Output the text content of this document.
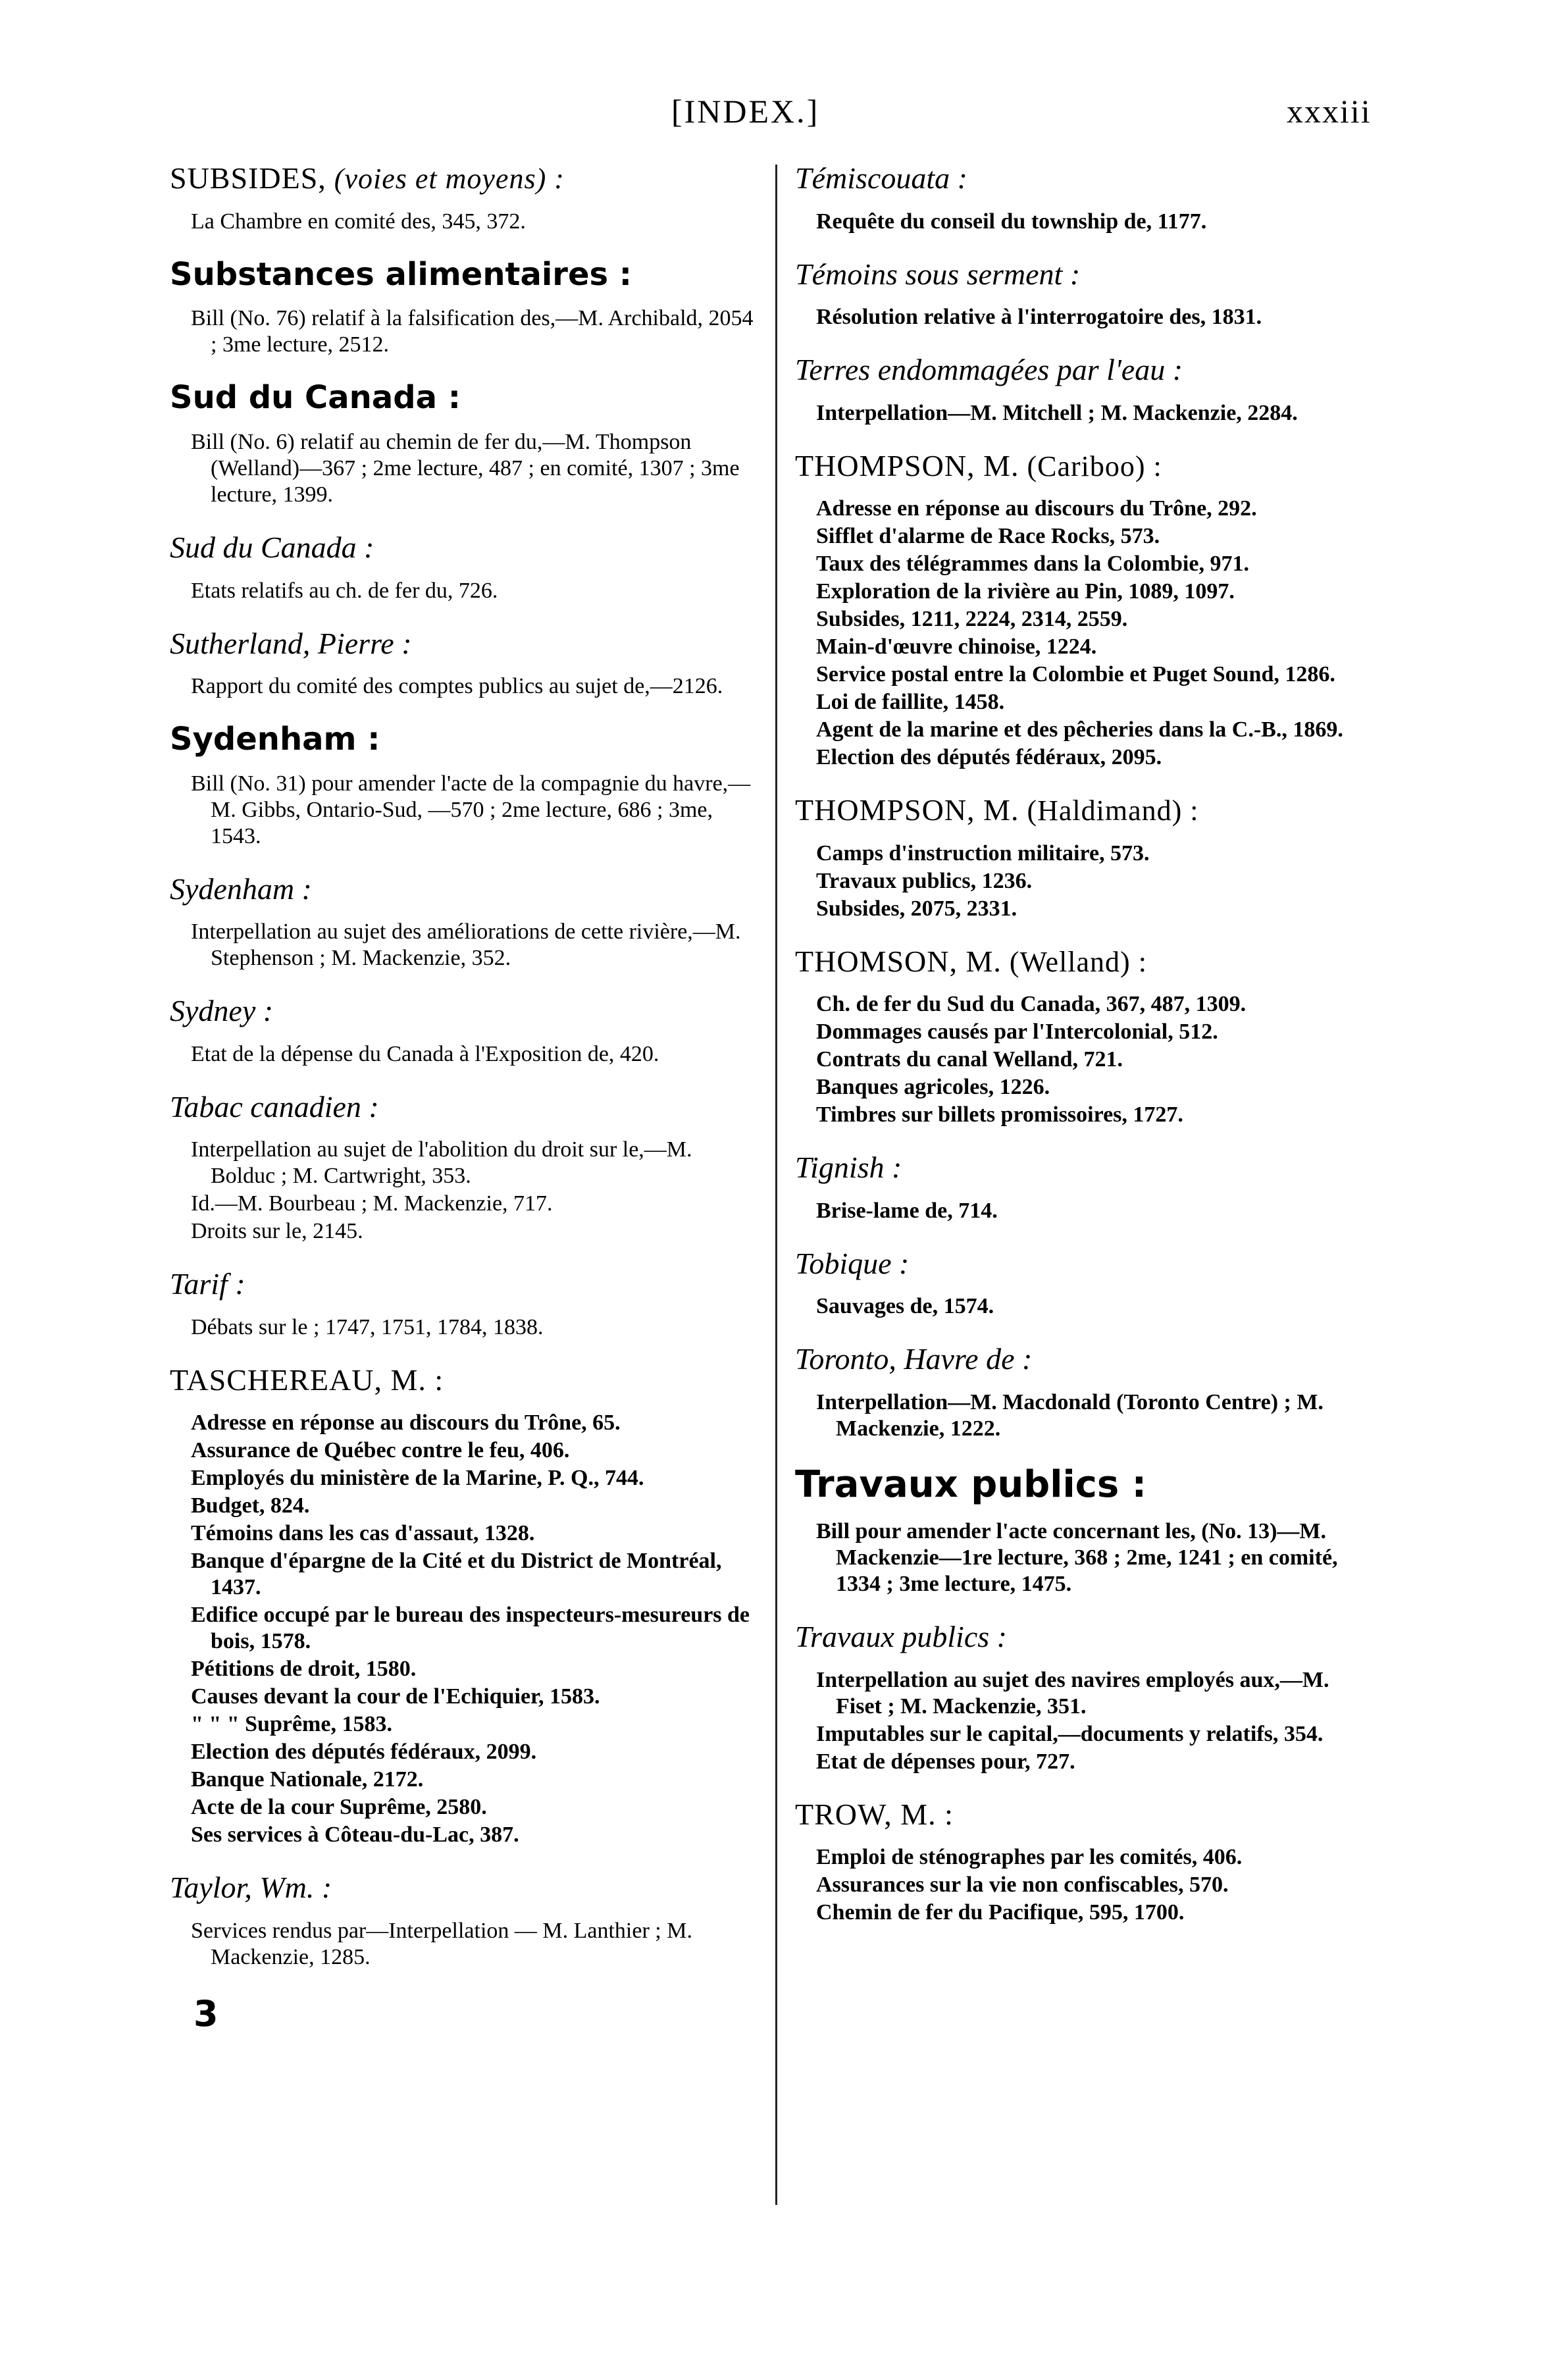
[INDEX.]	xxxiii
SUBSIDES, (voies et moyens) :
La Chambre en comité des, 345, 372.
Substances alimentaires :
Bill (No. 76) relatif à la falsification des,—M. Archibald, 2054 ; 3me lecture, 2512.
Sud du Canada :
Bill (No. 6) relatif au chemin de fer du,—M. Thompson (Welland)—367 ; 2me lecture, 487 ; en comité, 1307 ; 3me lecture, 1399.
Sud du Canada :
Etats relatifs au ch. de fer du, 726.
Sutherland, Pierre :
Rapport du comité des comptes publics au sujet de,—2126.
Sydenham :
Bill (No. 31) pour amender l'acte de la compagnie du havre,—M. Gibbs, Ontario-Sud, —570 ; 2me lecture, 686 ; 3me, 1543.
Sydenham :
Interpellation au sujet des améliorations de cette rivière,—M. Stephenson ; M. Mackenzie, 352.
Sydney :
Etat de la dépense du Canada à l'Exposition de, 420.
Tabac canadien :
Interpellation au sujet de l'abolition du droit sur le,—M. Bolduc ; M. Cartwright, 353.
Id.—M. Bourbeau ; M. Mackenzie, 717.
Droits sur le, 2145.
Tarif :
Débats sur le ; 1747, 1751, 1784, 1838.
TASCHEREAU, M. :
Adresse en réponse au discours du Trône, 65.
Assurance de Québec contre le feu, 406.
Employés du ministère de la Marine, P. Q., 744.
Budget, 824.
Témoins dans les cas d'assaut, 1328.
Banque d'épargne de la Cité et du District de Montréal, 1437.
Edifice occupé par le bureau des inspecteurs-mesureurs de bois, 1578.
Pétitions de droit, 1580.
Causes devant la cour de l'Echiquier, 1583.
" " " Suprême, 1583.
Election des députés fédéraux, 2099.
Banque Nationale, 2172.
Acte de la cour Suprême, 2580.
Ses services à Côteau-du-Lac, 387.
Taylor, Wm. :
Services rendus par—Interpellation — M. Lanthier ; M. Mackenzie, 1285.
3
Témiscouata :
Requête du conseil du township de, 1177.
Témoins sous serment :
Résolution relative à l'interrogatoire des, 1831.
Terres endommagées par l'eau :
Interpellation—M. Mitchell ; M. Mackenzie, 2284.
THOMPSON, M. (Cariboo) :
Adresse en réponse au discours du Trône, 292.
Sifflet d'alarme de Race Rocks, 573.
Taux des télégrammes dans la Colombie, 971.
Exploration de la rivière au Pin, 1089, 1097.
Subsides, 1211, 2224, 2314, 2559.
Main-d'œuvre chinoise, 1224.
Service postal entre la Colombie et Puget Sound, 1286.
Loi de faillite, 1458.
Agent de la marine et des pêcheries dans la C.-B., 1869.
Election des députés fédéraux, 2095.
THOMPSON, M. (Haldimand) :
Camps d'instruction militaire, 573.
Travaux publics, 1236.
Subsides, 2075, 2331.
THOMSON, M. (Welland) :
Ch. de fer du Sud du Canada, 367, 487, 1309.
Dommages causés par l'Intercolonial, 512.
Contrats du canal Welland, 721.
Banques agricoles, 1226.
Timbres sur billets promissoires, 1727.
Tignish :
Brise-lame de, 714.
Tobique :
Sauvages de, 1574.
Toronto, Havre de :
Interpellation—M. Macdonald (Toronto Centre) ; M. Mackenzie, 1222.
Travaux publics :
Bill pour amender l'acte concernant les, (No. 13)—M. Mackenzie—1re lecture, 368 ; 2me, 1241 ; en comité, 1334 ; 3me lecture, 1475.
Travaux publics :
Interpellation au sujet des navires employés aux,—M. Fiset ; M. Mackenzie, 351.
Imputables sur le capital,—documents y relatifs, 354.
Etat de dépenses pour, 727.
TROW, M. :
Emploi de sténographes par les comités, 406.
Assurances sur la vie non confiscables, 570.
Chemin de fer du Pacifique, 595, 1700.
